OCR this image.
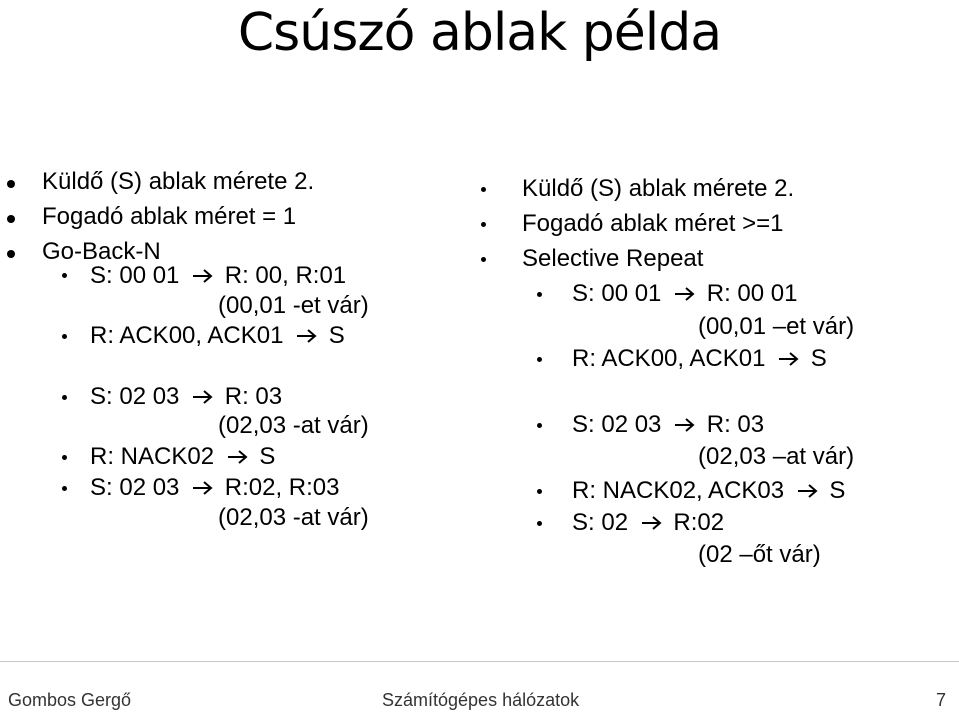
Csúszó ablak példa
Küldő (S) ablak mérete 2.
Fogadó ablak méret = 1
Go-Back-N
S: 00 01
R: 00, R:01
(00,01 -et vár)
R: ACK00, ACK01
S
S: 02 03
R: 03
(02,03 -at vár)
R: NACK02
S
S: 02 03
R:02, R:03
(02,03 -at vár)
Küldő (S) ablak mérete 2.
Fogadó ablak méret >=1
Selective Repeat
S: 00 01
R: 00 01
(00,01 –et vár)
R: ACK00, ACK01
S
S: 02 03
R: 03
(02,03 –at vár)
R: NACK02, ACK03
S
S: 02
R:02
(02 –őt vár)
Gombos Gergő	Számítógépes hálózatok	7
